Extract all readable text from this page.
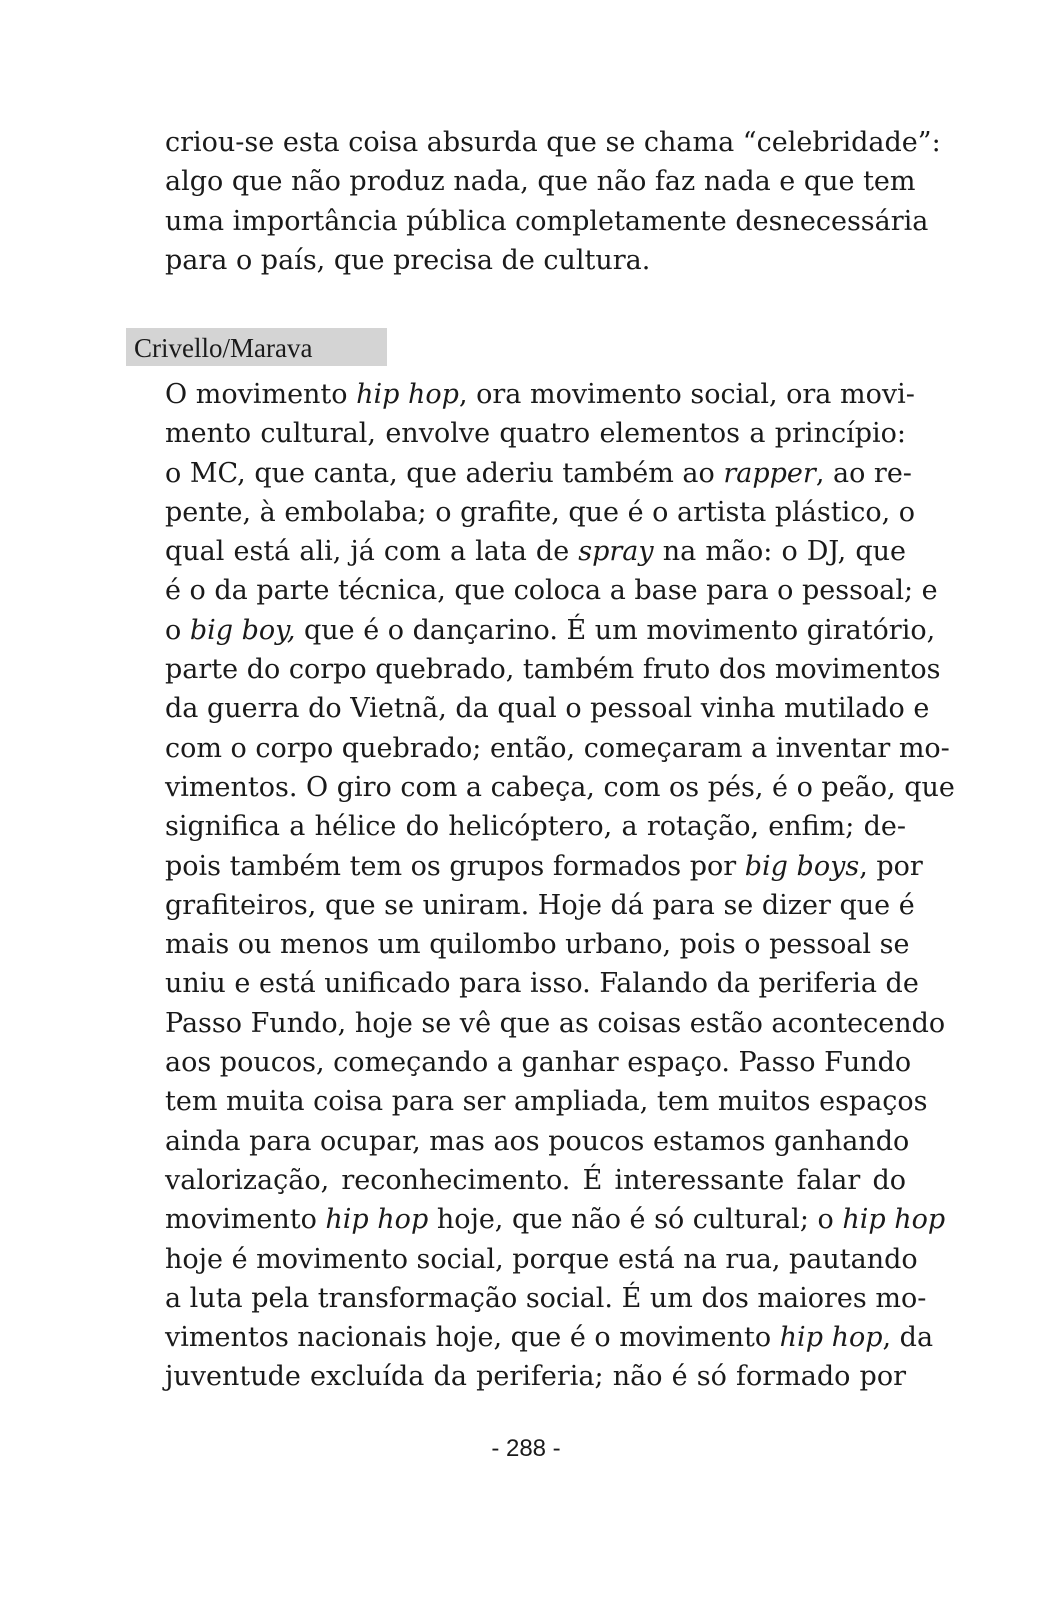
criou-se esta coisa absurda que se chama “celebridade”:
algo que não produz nada, que não faz nada e que tem
uma importância pública completamente desnecessária
para o país, que precisa de cultura.
Crivello/Marava
O movimento hip hop, ora movimento social, ora movi-
mento cultural, envolve quatro elementos a princípio:
o MC, que canta, que aderiu também ao rapper, ao re-
pente, à embolaba; o grafite, que é o artista plástico, o
qual está ali, já com a lata de spray na mão: o DJ, que
é o da parte técnica, que coloca a base para o pessoal; e
o big boy, que é o dançarino. É um movimento giratório,
parte do corpo quebrado, também fruto dos movimentos
da guerra do Vietnã, da qual o pessoal vinha mutilado e
com o corpo quebrado; então, começaram a inventar mo-
vimentos. O giro com a cabeça, com os pés, é o peão, que
significa a hélice do helicóptero, a rotação, enfim; de-
pois também tem os grupos formados por big boys, por
grafiteiros, que se uniram. Hoje dá para se dizer que é
mais ou menos um quilombo urbano, pois o pessoal se
uniu e está unificado para isso. Falando da periferia de
Passo Fundo, hoje se vê que as coisas estão acontecendo
aos poucos, começando a ganhar espaço. Passo Fundo
tem muita coisa para ser ampliada, tem muitos espaços
ainda para ocupar, mas aos poucos estamos ganhando
valorização, reconhecimento. É interessante falar do
movimento hip hop hoje, que não é só cultural; o hip hop
hoje é movimento social, porque está na rua, pautando
a luta pela transformação social. É um dos maiores mo-
vimentos nacionais hoje, que é o movimento hip hop, da
juventude excluída da periferia; não é só formado por
- 288 -
